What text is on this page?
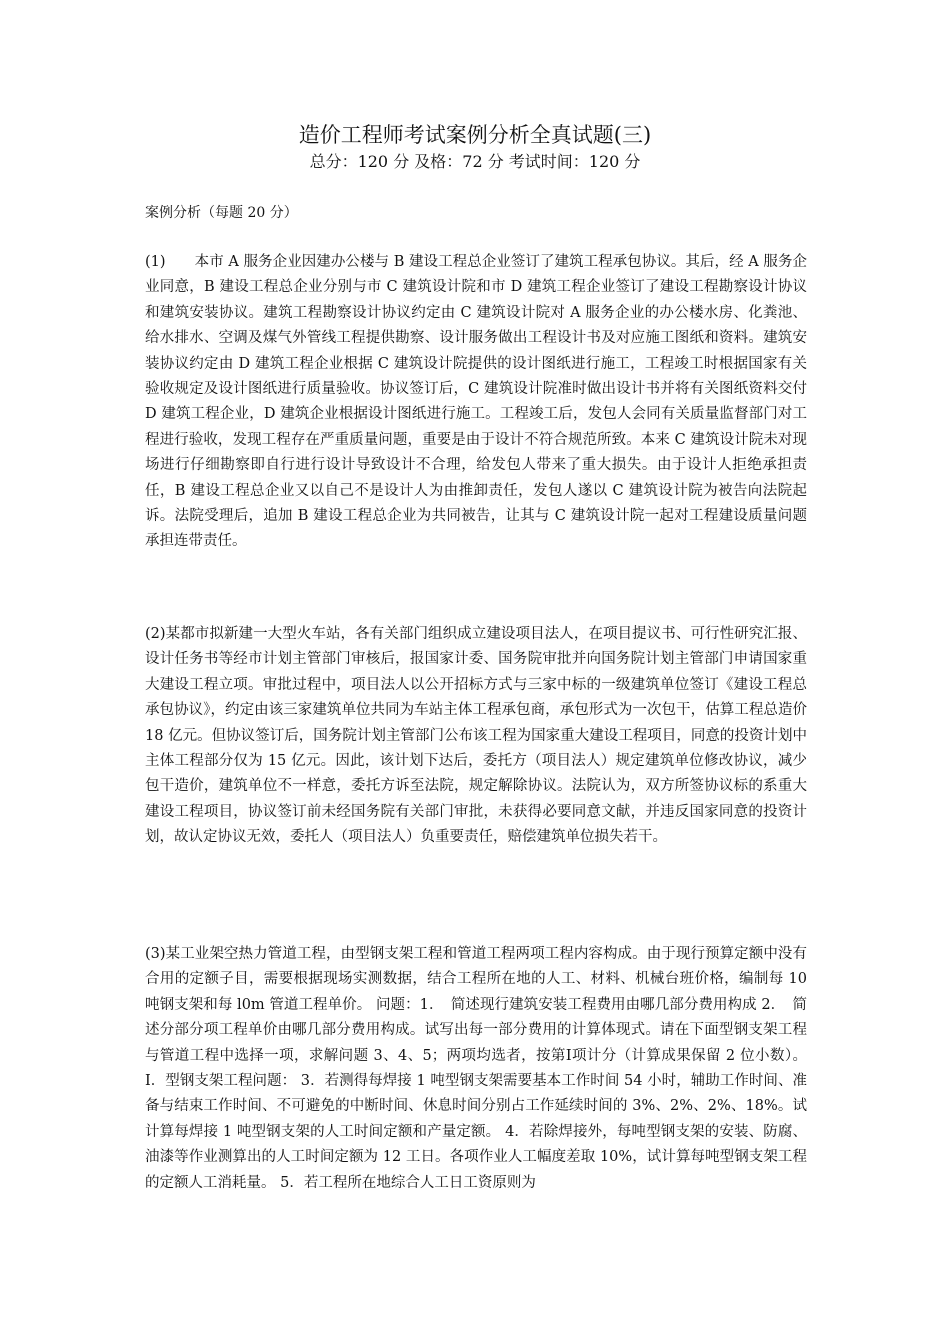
造价工程师考试案例分析全真试题(三)

总分：120 分 及格：72 分 考试时间：120 分

案例分析（每题 20 分）

(1)　　本市 A 服务企业因建办公楼与 B 建设工程总企业签订了建筑工程承包协议。其后，经 A 服务企业同意，B 建设工程总企业分别与市 C 建筑设计院和市 D 建筑工程企业签订了建设工程勘察设计协议和建筑安装协议。建筑工程勘察设计协议约定由 C 建筑设计院对 A 服务企业的办公楼水房、化粪池、给水排水、空调及煤气外管线工程提供勘察、设计服务做出工程设计书及对应施工图纸和资料。建筑安装协议约定由 D 建筑工程企业根据 C 建筑设计院提供的设计图纸进行施工，工程竣工时根据国家有关验收规定及设计图纸进行质量验收。协议签订后，C 建筑设计院准时做出设计书并将有关图纸资料交付 D 建筑工程企业，D 建筑企业根据设计图纸进行施工。工程竣工后，发包人会同有关质量监督部门对工程进行验收，发现工程存在严重质量问题，重要是由于设计不符合规范所致。本来 C 建筑设计院未对现场进行仔细勘察即自行进行设计导致设计不合理，给发包人带来了重大损失。由于设计人拒绝承担责任，B 建设工程总企业又以自己不是设计人为由推卸责任，发包人遂以 C 建筑设计院为被告向法院起诉。法院受理后，追加 B 建设工程总企业为共同被告，让其与 C 建筑设计院一起对工程建设质量问题承担连带责任。

(2)某都市拟新建一大型火车站，各有关部门组织成立建设项目法人，在项目提议书、可行性研究汇报、设计任务书等经市计划主管部门审核后，报国家计委、国务院审批并向国务院计划主管部门申请国家重大建设工程立项。审批过程中，项目法人以公开招标方式与三家中标的一级建筑单位签订《建设工程总承包协议》，约定由该三家建筑单位共同为车站主体工程承包商，承包形式为一次包干，估算工程总造价 18 亿元。但协议签订后，国务院计划主管部门公布该工程为国家重大建设工程项目，同意的投资计划中主体工程部分仅为 15 亿元。因此，该计划下达后，委托方（项目法人）规定建筑单位修改协议，减少包干造价，建筑单位不一样意，委托方诉至法院，规定解除协议。法院认为，双方所签协议标的系重大建设工程项目，协议签订前未经国务院有关部门审批，未获得必要同意文献，并违反国家同意的投资计划，故认定协议无效，委托人（项目法人）负重要责任，赔偿建筑单位损失若干。

(3)某工业架空热力管道工程，由型钢支架工程和管道工程两项工程内容构成。由于现行预算定额中没有合用的定额子目，需要根据现场实测数据，结合工程所在地的人工、材料、机械台班价格，编制每 10 吨钢支架和每 l0m 管道工程单价。 问题：1．　简述现行建筑安装工程费用由哪几部分费用构成 2．　简述分部分项工程单价由哪几部分费用构成。试写出每一部分费用的计算体现式。请在下面型钢支架工程与管道工程中选择一项，求解问题 3、4、5；两项均选者，按第Ⅰ项计分（计算成果保留 2 位小数）。 Ⅰ．型钢支架工程问题： 3．若测得每焊接 1 吨型钢支架需要基本工作时间 54 小时，辅助工作时间、准备与结束工作时间、不可避免的中断时间、休息时间分别占工作延续时间的 3%、2%、2%、18%。试计算每焊接 1 吨型钢支架的人工时间定额和产量定额。 4．若除焊接外，每吨型钢支架的安装、防腐、油漆等作业测算出的人工时间定额为 12 工日。各项作业人工幅度差取 10%，试计算每吨型钢支架工程的定额人工消耗量。 5．若工程所在地综合人工日工资原则为
